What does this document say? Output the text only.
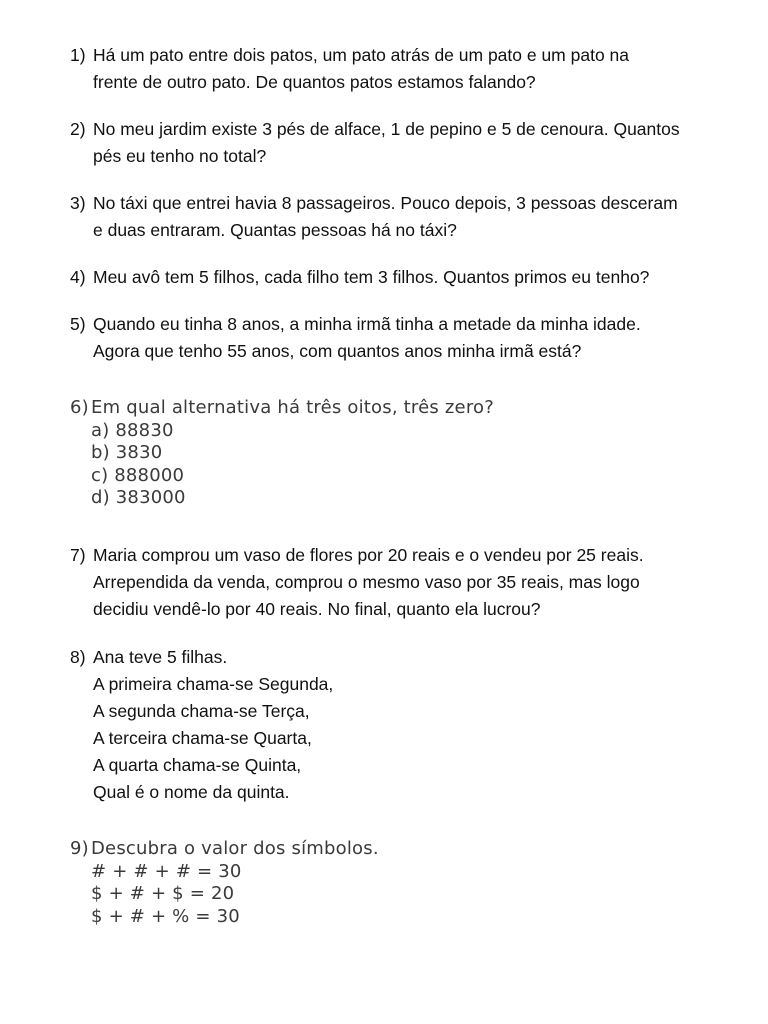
1) Há um pato entre dois patos, um pato atrás de um pato e um pato na
frente de outro pato. De quantos patos estamos falando?
2) No meu jardim existe 3 pés de alface, 1 de pepino e 5 de cenoura. Quantos
pés eu tenho no total?
3) No táxi que entrei havia 8 passageiros. Pouco depois, 3 pessoas desceram
e duas entraram. Quantas pessoas há no táxi?
4) Meu avô tem 5 filhos, cada filho tem 3 filhos. Quantos primos eu tenho?
5) Quando eu tinha 8 anos, a minha irmã tinha a metade da minha idade.
Agora que tenho 55 anos, com quantos anos minha irmã está?
6) Em qual alternativa há três oitos, três zero?
a) 88830
b) 3830
c) 888000
d) 383000
7) Maria comprou um vaso de flores por 20 reais e o vendeu por 25 reais.
Arrependida da venda, comprou o mesmo vaso por 35 reais, mas logo
decidiu vendê-lo por 40 reais. No final, quanto ela lucrou?
8) Ana teve 5 filhas.
A primeira chama-se Segunda,
A segunda chama-se Terça,
A terceira chama-se Quarta,
A quarta chama-se Quinta,
Qual é o nome da quinta.
9) Descubra o valor dos símbolos.
# + # + # = 30
$ + # + $ = 20
$ + # + % = 30
